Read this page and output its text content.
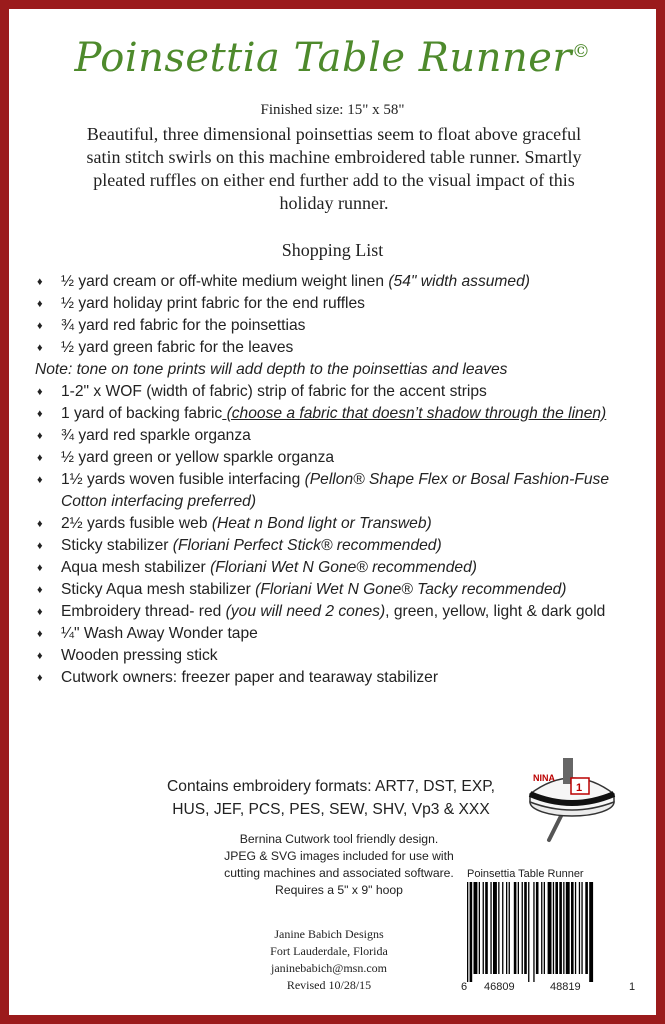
Poinsettia Table Runner©
Finished size: 15" x 58"
Beautiful, three dimensional poinsettias seem to float above graceful satin stitch swirls on this machine embroidered table runner. Smartly pleated ruffles on either end further add to the visual impact of this holiday runner.
Shopping List
♦ ½ yard cream or off-white medium weight linen (54" width assumed)
♦ ½ yard holiday print fabric for the end ruffles
♦ ¾ yard red fabric for the poinsettias
♦ ½ yard green fabric for the leaves
Note: tone on tone prints will add depth to the poinsettias and leaves
♦ 1-2" x WOF (width of fabric) strip of fabric for the accent strips
♦ 1 yard of backing fabric (choose a fabric that doesn’t shadow through the linen)
♦ ¾ yard red sparkle organza
♦ ½ yard green or yellow sparkle organza
♦ 1½ yards woven fusible interfacing (Pellon® Shape Flex or Bosal Fashion-Fuse Cotton interfacing preferred)
♦ 2½ yards fusible web (Heat n Bond light or Transweb)
♦ Sticky stabilizer (Floriani Perfect Stick® recommended)
♦ Aqua mesh stabilizer (Floriani Wet N Gone® recommended)
♦ Sticky Aqua mesh stabilizer (Floriani Wet N Gone® Tacky recommended)
♦ Embroidery thread- red (you will need 2 cones), green, yellow, light & dark gold
♦ ¼" Wash Away Wonder tape
♦ Wooden pressing stick
♦ Cutwork owners: freezer paper and tearaway stabilizer
Contains embroidery formats: ART7, DST, EXP,
HUS, JEF, PCS, PES, SEW, SHV, Vp3 & XXX
Bernina Cutwork tool friendly design.
JPEG & SVG images included for use with
cutting machines and associated software.
Requires a 5" x 9" hoop
Janine Babich Designs
Fort Lauderdale, Florida
janinebabich@msn.com
Revised 10/28/15
1
NINA
Poinsettia Table Runner
6 46809	48819	1
